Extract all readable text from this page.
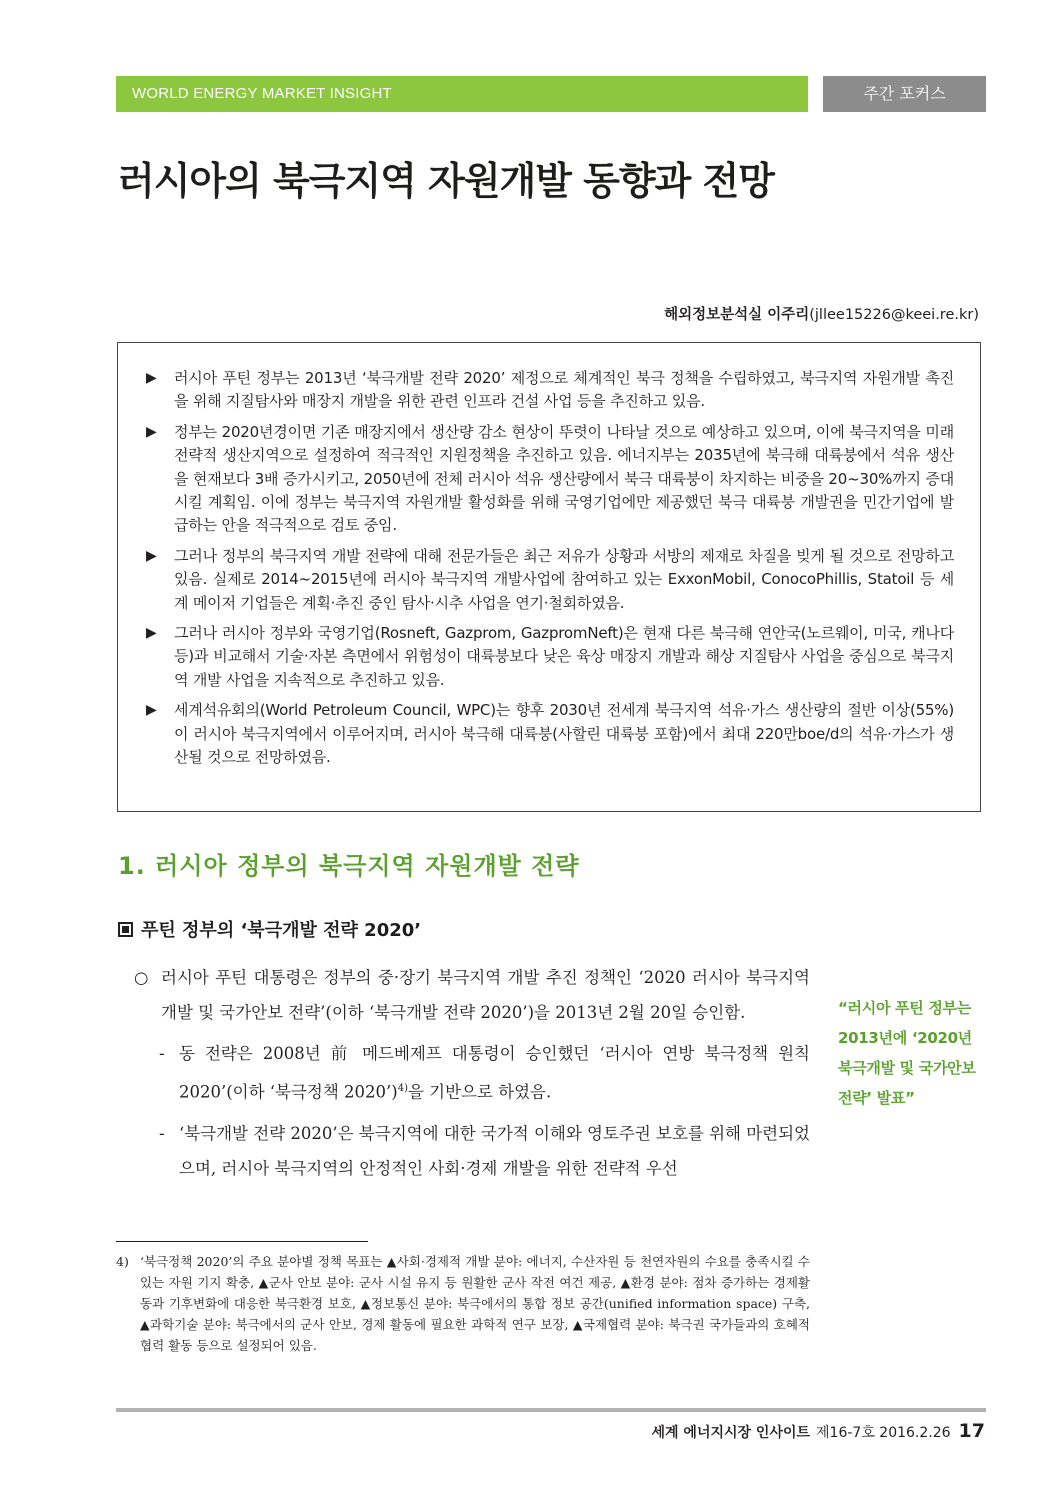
WORLD ENERGY MARKET INSIGHT	주간 포커스
러시아의 북극지역 자원개발 동향과 전망
해외정보분석실 이주리(jllee15226@keei.re.kr)
▶ 러시아 푸틴 정부는 2013년 ‘북극개발 전략 2020’ 제정으로 체계적인 북극 정책을 수립하였고, 북극지역 자원개발 촉진을 위해 지질탐사와 매장지 개발을 위한 관련 인프라 건설 사업 등을 추진하고 있음.
▶ 정부는 2020년경이면 기존 매장지에서 생산량 감소 현상이 뚜렷이 나타날 것으로 예상하고 있으며, 이에 북극지역을 미래 전략적 생산지역으로 설정하여 적극적인 지원정책을 추진하고 있음. 에너지부는 2035년에 북극해 대륙붕에서 석유 생산을 현재보다 3배 증가시키고, 2050년에 전체 러시아 석유 생산량에서 북극 대륙붕이 차지하는 비중을 20~30%까지 증대시킬 계획임. 이에 정부는 북극지역 자원개발 활성화를 위해 국영기업에만 제공했던 북극 대륙붕 개발권을 민간기업에 발급하는 안을 적극적으로 검토 중임.
▶ 그러나 정부의 북극지역 개발 전략에 대해 전문가들은 최근 저유가 상황과 서방의 제재로 차질을 빚게 될 것으로 전망하고 있음. 실제로 2014~2015년에 러시아 북극지역 개발사업에 참여하고 있는 ExxonMobil, ConocoPhillis, Statoil 등 세계 메이저 기업들은 계획·추진 중인 탐사·시추 사업을 연기·철회하였음.
▶ 그러나 러시아 정부와 국영기업(Rosneft, Gazprom, GazpromNeft)은 현재 다른 북극해 연안국(노르웨이, 미국, 캐나다 등)과 비교해서 기술·자본 측면에서 위험성이 대륙붕보다 낮은 육상 매장지 개발과 해상 지질탐사 사업을 중심으로 북극지역 개발 사업을 지속적으로 추진하고 있음.
▶ 세계석유회의(World Petroleum Council, WPC)는 향후 2030년 전세계 북극지역 석유·가스 생산량의 절반 이상(55%)이 러시아 북극지역에서 이루어지며, 러시아 북극해 대륙붕(사할린 대륙붕 포함)에서 최대 220만boe/d의 석유·가스가 생산될 것으로 전망하였음.
1. 러시아 정부의 북극지역 자원개발 전략
푸틴 정부의 ‘북극개발 전략 2020’
○ 러시아 푸틴 대통령은 정부의 중·장기 북극지역 개발 추진 정책인 ‘2020 러시아 북극지역 개발 및 국가안보 전략’(이하 ‘북극개발 전략 2020’)을 2013년 2월 20일 승인함.
- 동 전략은 2008년 前 메드베제프 대통령이 승인했던 ‘러시아 연방 북극정책 원칙 2020’(이하 ‘북극정책 2020’)$^{4)}$을 기반으로 하였음.
- ‘북극개발 전략 2020’은 북극지역에 대한 국가적 이해와 영토주권 보호를 위해 마련되었으며, 러시아 북극지역의 안정적인 사회·경제 개발을 위한 전략적 우선
“러시아 푸틴 정부는 2013년에 ‘2020년 북극개발 및 국가안보 전략’ 발표”
4) ‘북극정책 2020’의 주요 분야별 정책 목표는 ▲사회·경제적 개발 분야: 에너지, 수산자원 등 천연자원의 수요를 충족시킬 수 있는 자원 기지 확충, ▲군사 안보 분야: 군사 시설 유지 등 원활한 군사 작전 여건 제공, ▲환경 분야: 점차 증가하는 경제활동과 기후변화에 대응한 북극환경 보호, ▲정보통신 분야: 북극에서의 통합 정보 공간(unified information space) 구축, ▲과학기술 분야: 북극에서의 군사 안보, 경제 활동에 필요한 과학적 연구 보장, ▲국제협력 분야: 북극권 국가들과의 호혜적 협력 활동 등으로 설정되어 있음.
세계 에너지시장 인사이트 제16-7호 2016.2.26 17
